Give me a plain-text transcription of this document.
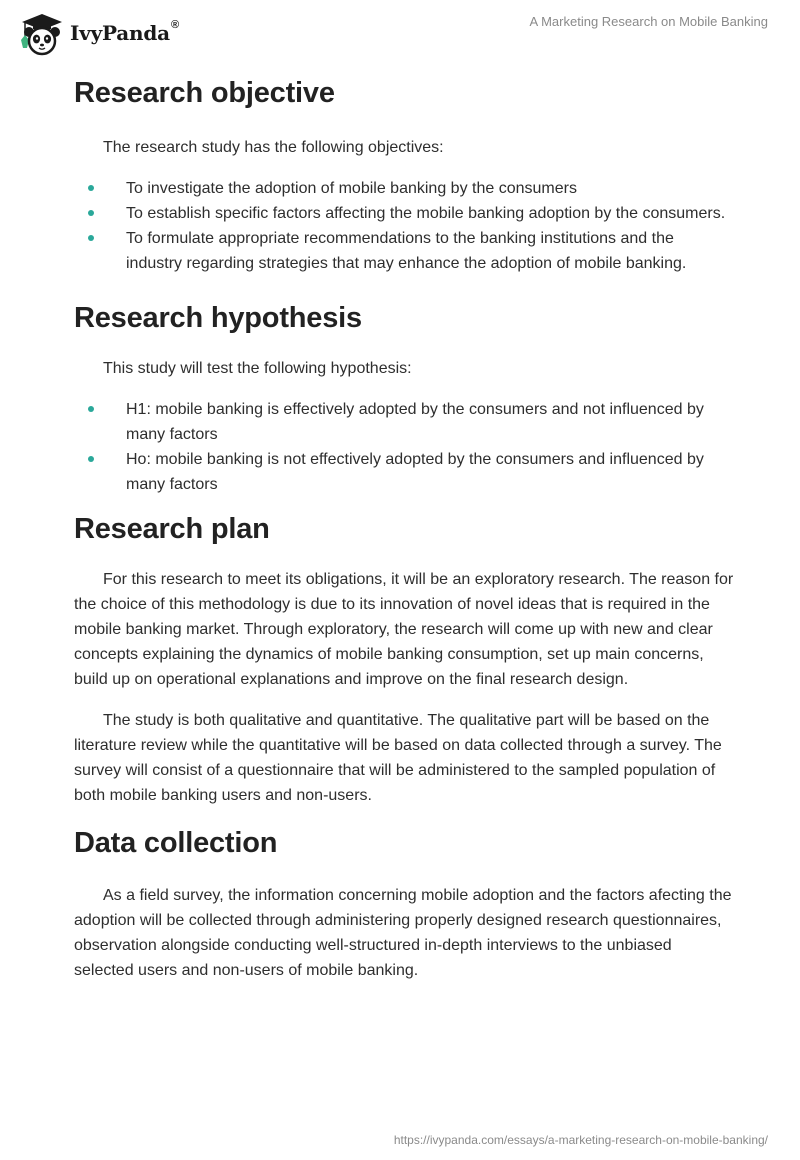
IvyPanda®	A Marketing Research on Mobile Banking
Research objective

The research study has the following objectives:

To investigate the adoption of mobile banking by the consumers
To establish specific factors affecting the mobile banking adoption by the consumers.
To formulate appropriate recommendations to the banking institutions and the industry regarding strategies that may enhance the adoption of mobile banking.
Research hypothesis

This study will test the following hypothesis:

H1: mobile banking is effectively adopted by the consumers and not influenced by many factors
Ho: mobile banking is not effectively adopted by the consumers and influenced by many factors
Research plan

For this research to meet its obligations, it will be an exploratory research. The reason for the choice of this methodology is due to its innovation of novel ideas that is required in the mobile banking market. Through exploratory, the research will come up with new and clear concepts explaining the dynamics of mobile banking consumption, set up main concerns, build up on operational explanations and improve on the final research design.

The study is both qualitative and quantitative. The qualitative part will be based on the literature review while the quantitative will be based on data collected through a survey. The survey will consist of a questionnaire that will be administered to the sampled population of both mobile banking users and non-users.

Data collection

As a field survey, the information concerning mobile adoption and the factors afecting the adoption will be collected through administering properly designed research questionnaires, observation alongside conducting well-structured in-depth interviews to the unbiased selected users and non-users of mobile banking.

https://ivypanda.com/essays/a-marketing-research-on-mobile-banking/
